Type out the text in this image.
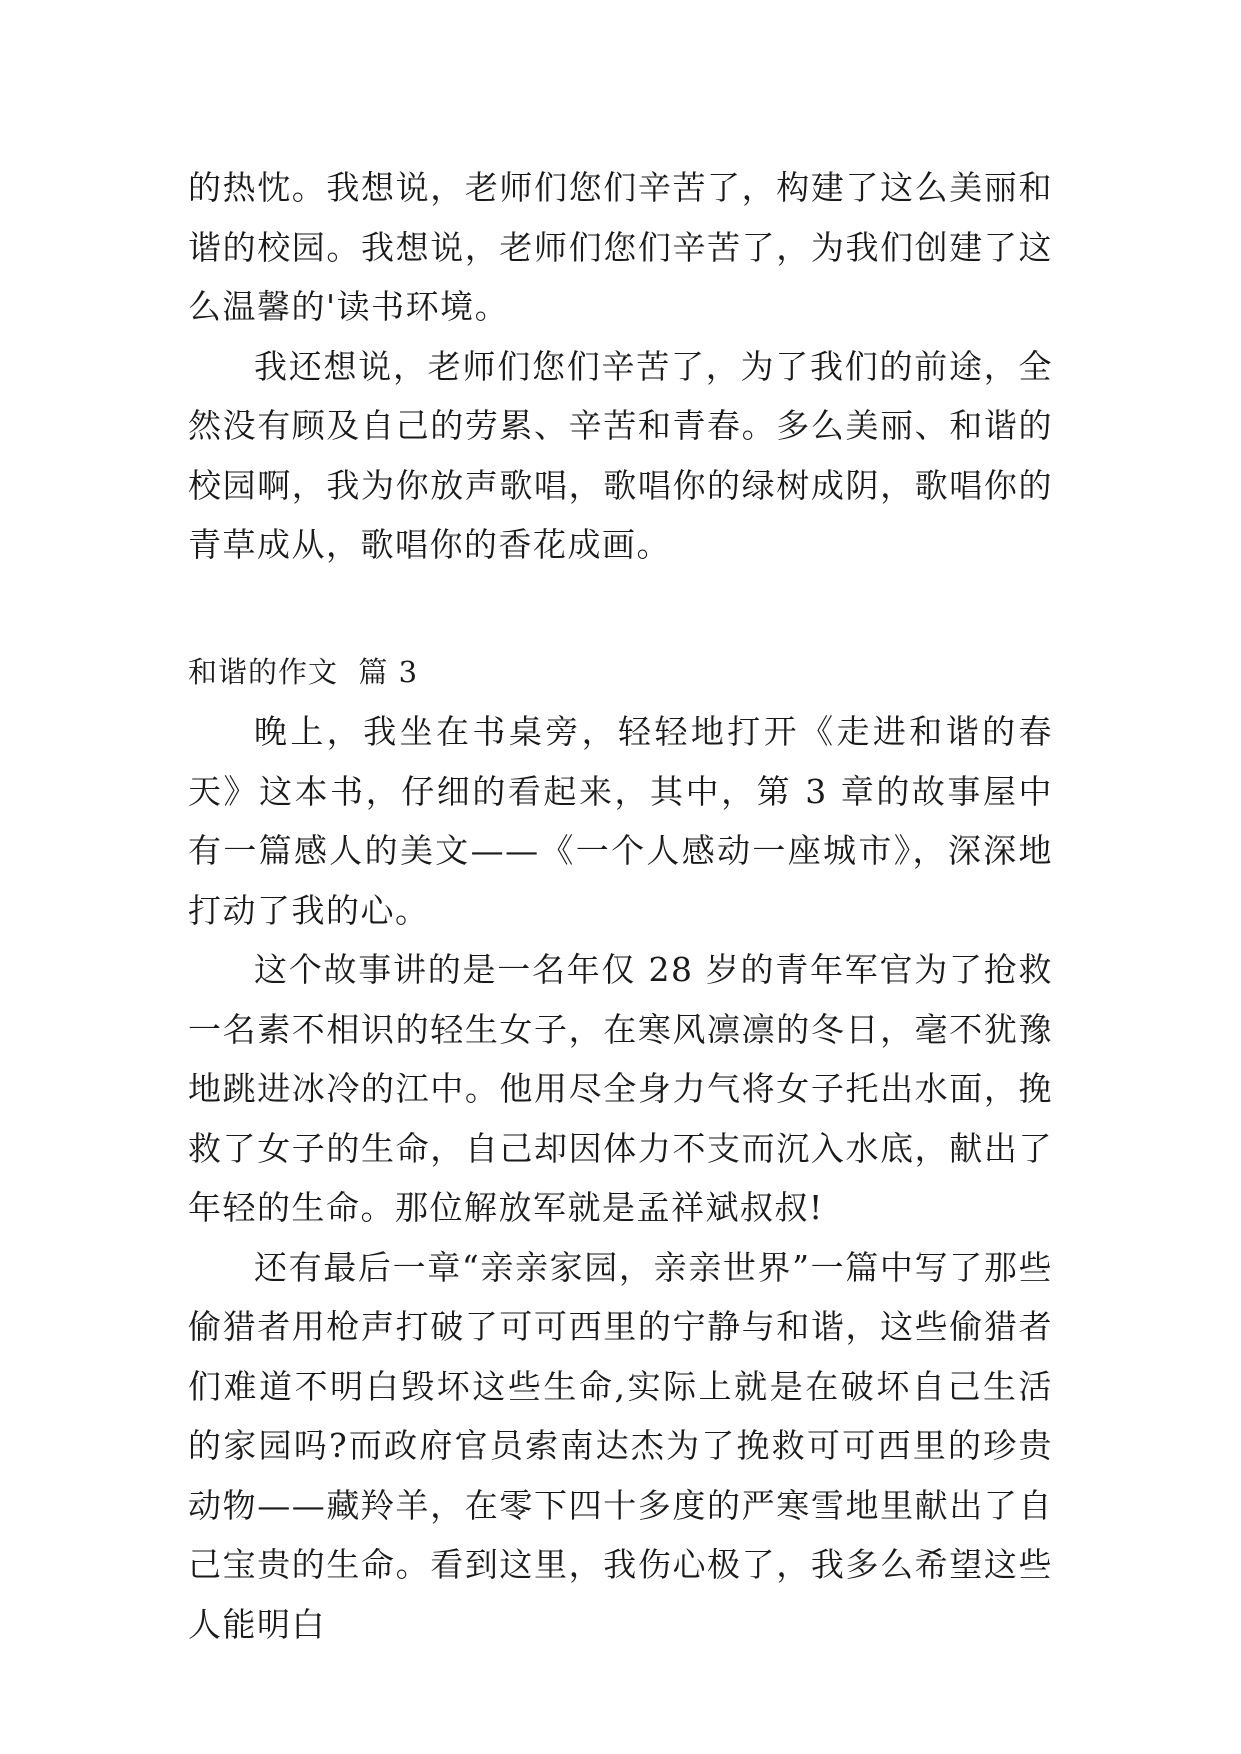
的热忱。我想说，老师们您们辛苦了，构建了这么美丽和谐的校园。我想说，老师们您们辛苦了，为我们创建了这么温馨的'读书环境。

我还想说，老师们您们辛苦了，为了我们的前途，全然没有顾及自己的劳累、辛苦和青春。多么美丽、和谐的校园啊，我为你放声歌唱，歌唱你的绿树成阴，歌唱你的青草成从，歌唱你的香花成画。

和谐的作文  篇 3

晚上，我坐在书桌旁，轻轻地打开《走进和谐的春天》这本书，仔细的看起来，其中，第 3 章的故事屋中有一篇感人的美文——《一个人感动一座城市》，深深地打动了我的心。

这个故事讲的是一名年仅 28 岁的青年军官为了抢救一名素不相识的轻生女子，在寒风凛凛的冬日，毫不犹豫地跳进冰冷的江中。他用尽全身力气将女子托出水面，挽救了女子的生命，自己却因体力不支而沉入水底，献出了年轻的生命。那位解放军就是孟祥斌叔叔!

还有最后一章“亲亲家园，亲亲世界”一篇中写了那些偷猎者用枪声打破了可可西里的宁静与和谐，这些偷猎者们难道不明白毁坏这些生命,实际上就是在破坏自己生活的家园吗?而政府官员索南达杰为了挽救可可西里的珍贵动物——藏羚羊，在零下四十多度的严寒雪地里献出了自己宝贵的生命。看到这里，我伤心极了，我多么希望这些人能明白
